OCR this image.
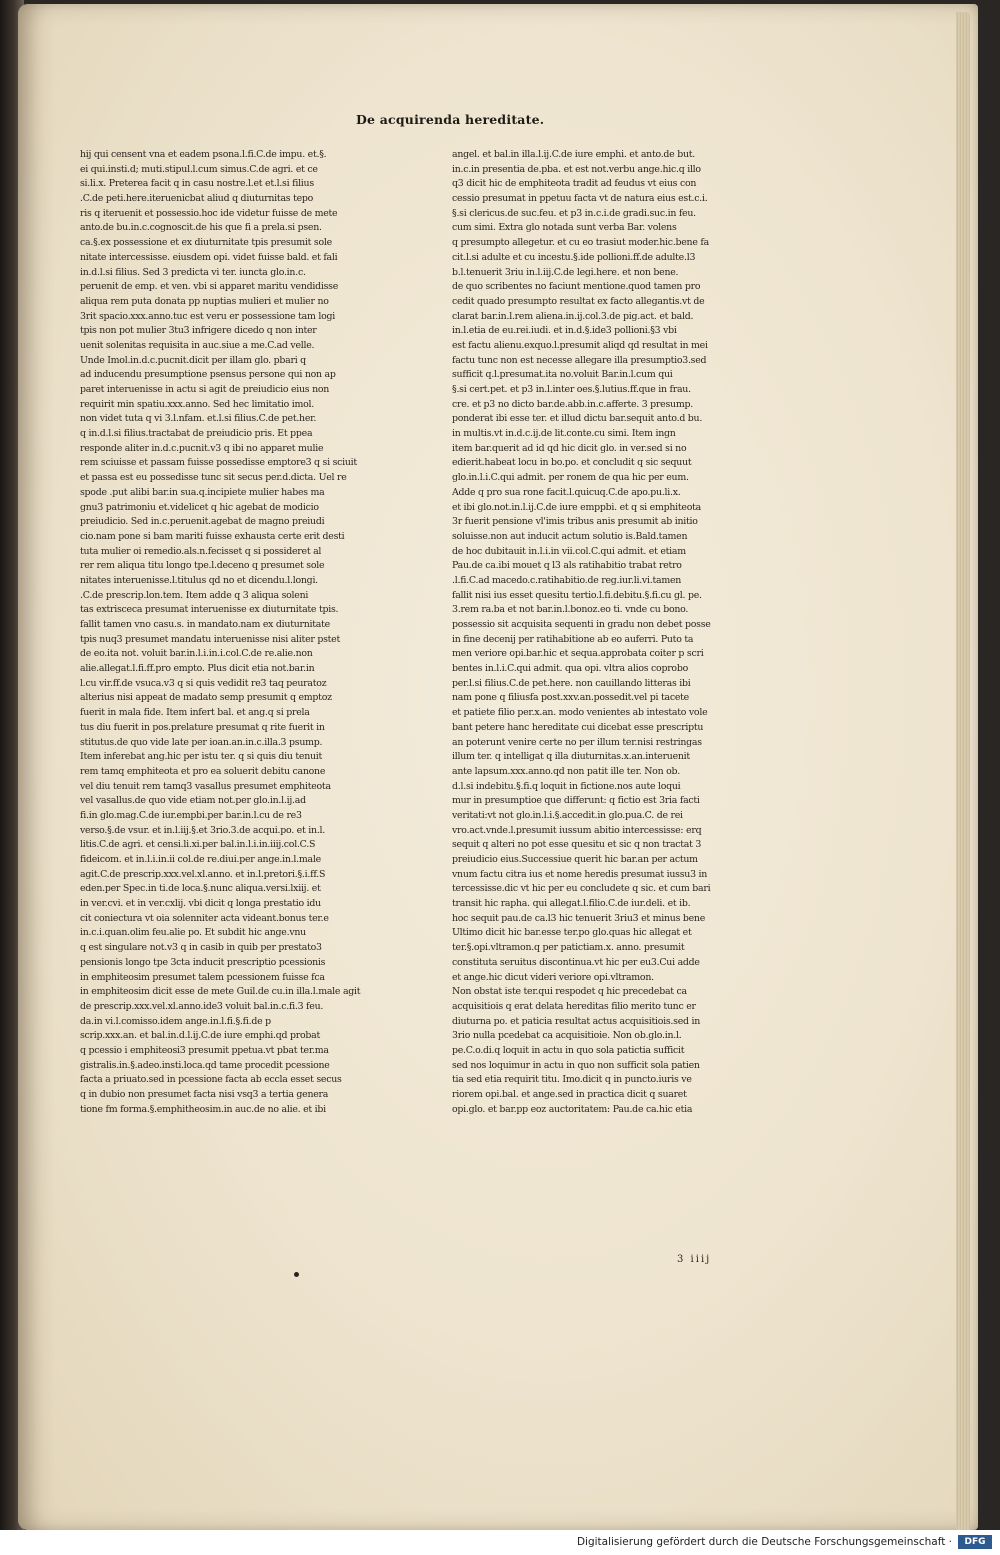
De acquirenda hereditate.
hij qui censent vna et eadem psona.l.fi.C.de impu. et.§.
ei qui.insti.d; muti.stipul.l.cum simus.C.de agri. et ce
si.li.x. Preterea facit q in casu nostre.l.et et.l.si filius
.C.de peti.here.iteruenicbat aliud q diuturnitas tepo
ris q iteruenit et possessio.hoc ide videtur fuisse de mete
anto.de bu.in.c.cognoscit.de his que fi a prela.si psen.
ca.§.ex possessione et ex diuturnitate tpis presumit sole
nitate intercessisse. eiusdem opi. videt fuisse bald. et fali
in.d.l.si filius. Sed 3 predicta vi ter. iuncta glo.in.c.
peruenit de emp. et ven. vbi si apparet maritu vendidisse
aliqua rem puta donata pp nuptias mulieri et mulier no
3rit spacio.xxx.anno.tuc est veru er possessione tam logi
tpis non pot mulier 3tu3 infrigere dicedo q non inter
uenit solenitas requisita in auc.siue a me.C.ad velle.
Unde Imol.in.d.c.pucnit.dicit per illam glo. pbari q
ad inducendu presumptione psensus persone qui non ap
paret interuenisse in actu si agit de preiudicio eius non
requirit min spatiu.xxx.anno. Sed hec limitatio imol.
non videt tuta q vi 3.l.nfam. et.l.si filius.C.de pet.her.
q in.d.l.si filius.tractabat de preiudicio pris. Et ppea
responde aliter in.d.c.pucnit.v3 q ibi no apparet mulie
rem sciuisse et passam fuisse possedisse emptore3 q si sciuit
et passa est eu possedisse tunc sit secus per.d.dicta. Uel re
spode .put alibi bar.in sua.q.incipiete mulier habes ma
gnu3 patrimoniu et.videlicet q hic agebat de modicio
preiudicio. Sed in.c.peruenit.agebat de magno preiudi
cio.nam pone si bam mariti fuisse exhausta certe erit desti
tuta mulier oi remedio.als.n.fecisset q si possideret al
rer rem aliqua titu longo tpe.l.deceno q presumet sole
nitates interuenisse.l.titulus qd no et dicendu.l.longi.
.C.de prescrip.lon.tem. Item adde q 3 aliqua soleni
tas extrisceca presumat interuenisse ex diuturnitate tpis.
fallit tamen vno casu.s. in mandato.nam ex diuturnitate
tpis nuq3 presumet mandatu interuenisse nisi aliter pstet
de eo.ita not. voluit bar.in.l.i.in.i.col.C.de re.alie.non
alie.allegat.l.fi.ff.pro empto. Plus dicit etia not.bar.in
l.cu vir.ff.de vsuca.v3 q si quis vedidit re3 taq peuratoz
alterius nisi appeat de madato semp presumit q emptoz
fuerit in mala fide. Item infert bal. et ang.q si prela
tus diu fuerit in pos.prelature presumat q rite fuerit in
stitutus.de quo vide late per ioan.an.in.c.illa.3 psump.
Item inferebat ang.hic per istu ter. q si quis diu tenuit
rem tamq emphiteota et pro ea soluerit debitu canone
vel diu tenuit rem tamq3 vasallus presumet emphiteota
vel vasallus.de quo vide etiam not.per glo.in.l.ij.ad
fi.in glo.mag.C.de iur.empbi.per bar.in.l.cu de re3
verso.§.de vsur. et in.l.iij.§.et 3rio.3.de acqui.po. et in.l.
litis.C.de agri. et censi.li.xi.per bal.in.l.i.in.iiij.col.C.S
fideicom. et in.l.i.in.ii col.de re.diui.per ange.in.l.male
agit.C.de prescrip.xxx.vel.xl.anno. et in.l.pretori.§.i.ff.S
eden.per Spec.in ti.de loca.§.nunc aliqua.versi.lxiij. et
in ver.cvi. et in ver.cxlij. vbi dicit q longa prestatio idu
cit coniectura vt oia solenniter acta videant.bonus ter.e
in.c.i.quan.olim feu.alie po. Et subdit hic ange.vnu
q est singulare not.v3 q in casib in quib per prestato3
pensionis longo tpe 3cta inducit prescriptio pcessionis
in emphiteosim presumet talem pcessionem fuisse fca
in emphiteosim dicit esse de mete Guil.de cu.in illa.l.male agit
de prescrip.xxx.vel.xl.anno.ide3 voluit bal.in.c.fi.3 feu.
da.in vi.l.comisso.idem ange.in.l.fi.§.fi.de p
scrip.xxx.an. et bal.in.d.l.ij.C.de iure emphi.qd probat
q pcessio i emphiteosi3 presumit ppetua.vt pbat ter.ma
gistralis.in.§.adeo.insti.loca.qd tame procedit pcessione
facta a priuato.sed in pcessione facta ab eccla esset secus
q in dubio non presumet facta nisi vsq3 a tertia genera
tione fm forma.§.emphitheosim.in auc.de no alie. et ibi
angel. et bal.in illa.l.ij.C.de iure emphi. et anto.de but.
in.c.in presentia de.pba. et est not.verbu ange.hic.q illo
q3 dicit hic de emphiteota tradit ad feudus vt eius con
cessio presumat in ppetuu facta vt de natura eius est.c.i.
§.si clericus.de suc.feu. et p3 in.c.i.de gradi.suc.in feu.
cum simi. Extra glo notada sunt verba Bar. volens
q presumpto allegetur. et cu eo trasiut moder.hic.bene fa
cit.l.si adulte et cu incestu.§.ide pollioni.ff.de adulte.l3
b.l.tenuerit 3riu in.l.iij.C.de legi.here. et non bene.
de quo scribentes no faciunt mentione.quod tamen pro
cedit quado presumpto resultat ex facto allegantis.vt de
clarat bar.in.l.rem aliena.in.ij.col.3.de pig.act. et bald.
in.l.etia de eu.rei.iudi. et in.d.§.ide3 pollioni.§3 vbi
est factu alienu.exquo.l.presumit aliqd qd resultat in mei
factu tunc non est necesse allegare illa presumptio3.sed
sufficit q.l.presumat.ita no.voluit Bar.in.l.cum qui
§.si cert.pet. et p3 in.l.inter oes.§.lutius.ff.que in frau.
cre. et p3 no dicto bar.de.abb.in.c.afferte. 3 presump.
ponderat ibi esse ter. et illud dictu bar.sequit anto.d bu.
in multis.vt in.d.c.ij.de lit.conte.cu simi. Item ingn
item bar.querit ad id qd hic dicit glo. in ver.sed si no
edierit.habeat locu in bo.po. et concludit q sic sequut
glo.in.l.i.C.qui admit. per ronem de qua hic per eum.
Adde q pro sua rone facit.l.quicuq.C.de apo.pu.li.x.
et ibi glo.not.in.l.ij.C.de iure emppbi. et q si emphiteota
3r fuerit pensione vl'imis tribus anis presumit ab initio
soluisse.non aut inducit actum solutio is.Bald.tamen
de hoc dubitauit in.l.i.in vii.col.C.qui admit. et etiam
Pau.de ca.ibi mouet q l3 als ratihabitio trabat retro
.l.fi.C.ad macedo.c.ratihabitio.de reg.iur.li.vi.tamen
fallit nisi ius esset quesitu tertio.l.fi.debitu.§.fi.cu gl. pe.
3.rem ra.ba et not bar.in.l.bonoz.eo ti. vnde cu bono.
possessio sit acquisita sequenti in gradu non debet posse
in fine decenij per ratihabitione ab eo auferri. Puto ta
men veriore opi.bar.hic et sequa.approbata coiter p scri
bentes in.l.i.C.qui admit. qua opi. vltra alios coprobo
per.l.si filius.C.de pet.here. non cauillando litteras ibi
nam pone q filiusfa post.xxv.an.possedit.vel pi tacete
et patiete filio per.x.an. modo venientes ab intestato vole
bant petere hanc hereditate cui dicebat esse prescriptu
an poterunt venire certe no per illum ter.nisi restringas
illum ter. q intelligat q illa diuturnitas.x.an.interuenit
ante lapsum.xxx.anno.qd non patit ille ter. Non ob.
d.l.si indebitu.§.fi.q loquit in fictione.nos aute loqui
mur in presumptioe que differunt: q fictio est 3ria facti
veritati:vt not glo.in.l.i.§.accedit.in glo.pua.C. de rei
vro.act.vnde.l.presumit iussum abitio intercessisse: erq
sequit q alteri no pot esse quesitu et sic q non tractat 3
preiudicio eius.Successiue querit hic bar.an per actum
vnum factu citra ius et nome heredis presumat iussu3 in
tercessisse.dic vt hic per eu concludete q sic. et cum bari
transit hic rapha. qui allegat.l.filio.C.de iur.deli. et ib.
hoc sequit pau.de ca.l3 hic tenuerit 3riu3 et minus bene
Ultimo dicit hic bar.esse ter.po glo.quas hic allegat et
ter.§.opi.vltramon.q per patictiam.x. anno. presumit
constituta seruitus discontinua.vt hic per eu3.Cui adde
et ange.hic dicut videri veriore opi.vltramon.
Non obstat iste ter.qui respodet q hic precedebat ca
acquisitiois q erat delata hereditas filio merito tunc er
diuturna po. et paticia resultat actus acquisitiois.sed in
3rio nulla pcedebat ca acquisitioie. Non ob.glo.in.l.
pe.C.o.di.q loquit in actu in quo sola patictia sufficit
sed nos loquimur in actu in quo non sufficit sola patien
tia sed etia requirit titu. Imo.dicit q in puncto.iuris ve
riorem opi.bal. et ange.sed in practica dicit q suaret
opi.glo. et bar.pp eoz auctoritatem: Pau.de ca.hic etia
3 iiij
Digitalisierung gefördert durch die Deutsche Forschungsgemeinschaft ·	DFG
